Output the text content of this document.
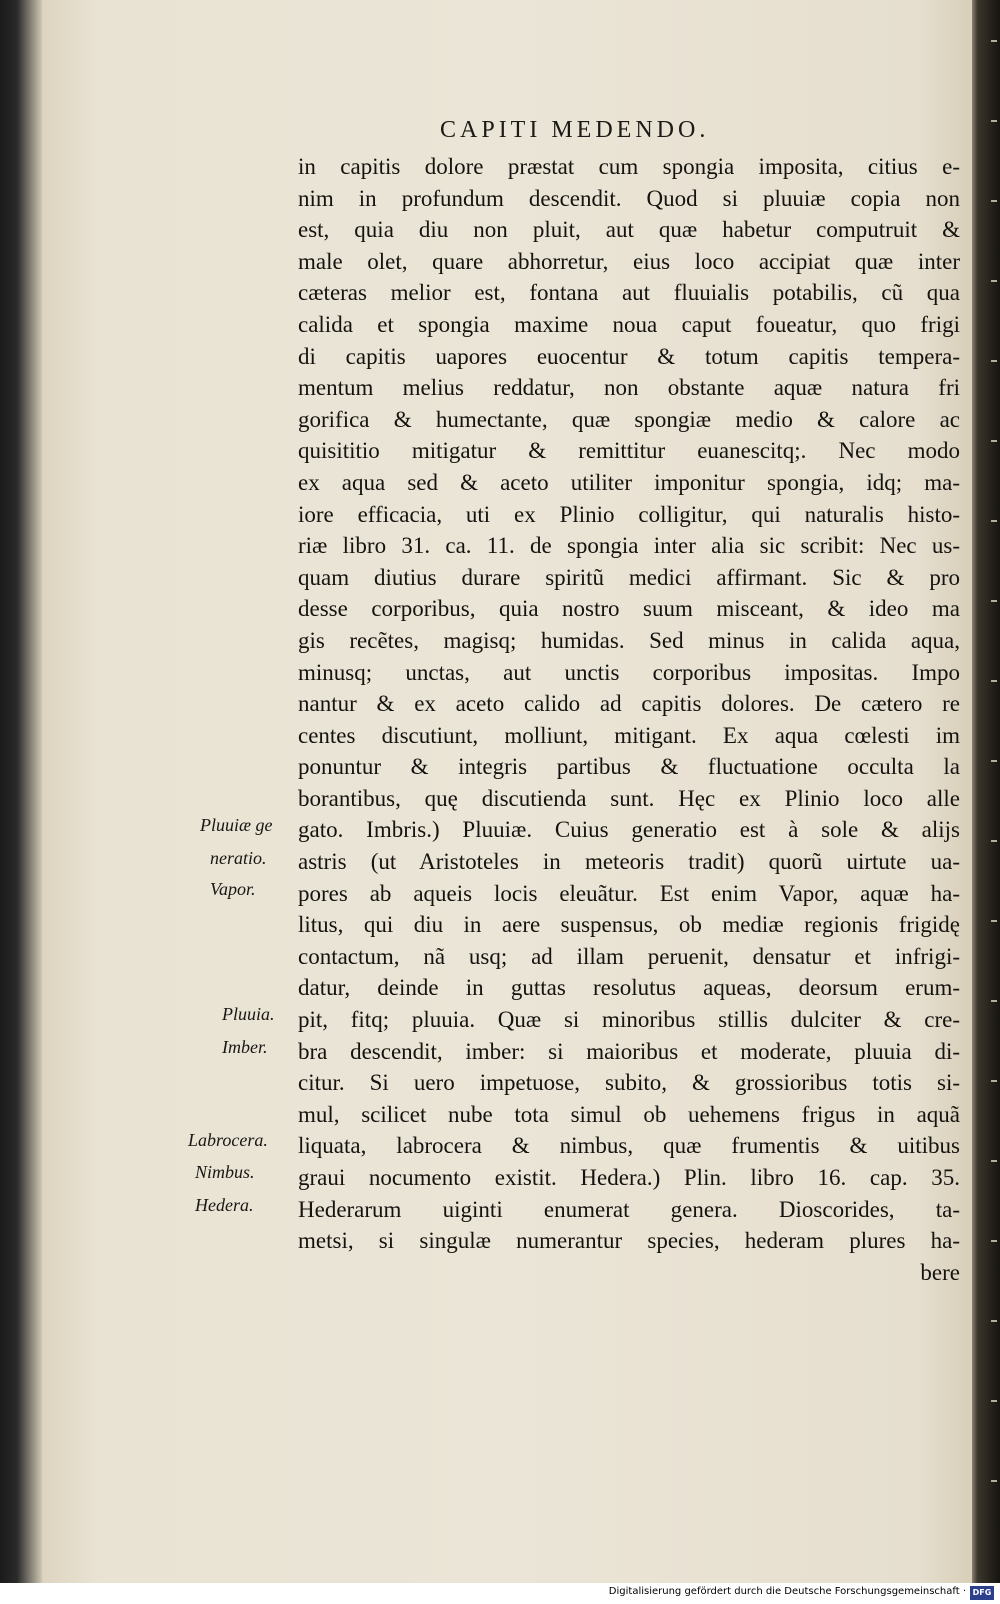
CAPITI MEDENDO.
in capitis dolore præstat cum spongia imposita, citius e-
nim in profundum descendit. Quod si pluuiæ copia non
est, quia diu non pluit, aut quæ habetur computruit &
male olet, quare abhorretur, eius loco accipiat quæ inter
cæteras melior est, fontana aut fluuialis potabilis, cũ qua
calida et spongia maxime noua caput foueatur, quo frigi
di capitis uapores euocentur & totum capitis tempera-
mentum melius reddatur, non obstante aquæ natura fri
gorifica & humectante, quæ spongiæ medio & calore ac
quisititio mitigatur & remittitur euanescitq;. Nec modo
ex aqua sed & aceto utiliter imponitur spongia, idq; ma-
iore efficacia, uti ex Plinio colligitur, qui naturalis histo-
riæ libro 31. ca. 11. de spongia inter alia sic scribit: Nec us-
quam diutius durare spiritũ medici affirmant. Sic & pro
desse corporibus, quia nostro suum misceant, & ideo ma
gis recẽtes, magisq; humidas. Sed minus in calida aqua,
minusq; unctas, aut unctis corporibus impositas. Impo
nantur & ex aceto calido ad capitis dolores. De cætero re
centes discutiunt, molliunt, mitigant. Ex aqua cœlesti im
ponuntur & integris partibus & fluctuatione occulta la
borantibus, quę discutienda sunt. Hęc ex Plinio loco alle
gato. Imbris.) Pluuiæ. Cuius generatio est à sole & alijs
astris (ut Aristoteles in meteoris tradit) quorũ uirtute ua-
pores ab aqueis locis eleuãtur. Est enim Vapor, aquæ ha-
litus, qui diu in aere suspensus, ob mediæ regionis frigidę
contactum, nã usq; ad illam peruenit, densatur et infrigi-
datur, deinde in guttas resolutus aqueas, deorsum erum-
pit, fitq; pluuia. Quæ si minoribus stillis dulciter & cre-
bra descendit, imber: si maioribus et moderate, pluuia di-
citur. Si uero impetuose, subito, & grossioribus totis si-
mul, scilicet nube tota simul ob uehemens frigus in aquã
liquata, labrocera & nimbus, quæ frumentis & uitibus
graui nocumento existit. Hedera.) Plin. libro 16. cap. 35.
Hederarum uiginti enumerat genera. Dioscorides, ta-
metsi, si singulæ numerantur species, hederam plures ha-
bere
Pluuiæ ge
neratio.
Vapor.
Pluuia.
Imber.
Labrocera.
Nimbus.
Hedera.
Digitalisierung gefördert durch die Deutsche Forschungsgemeinschaft · DFG
